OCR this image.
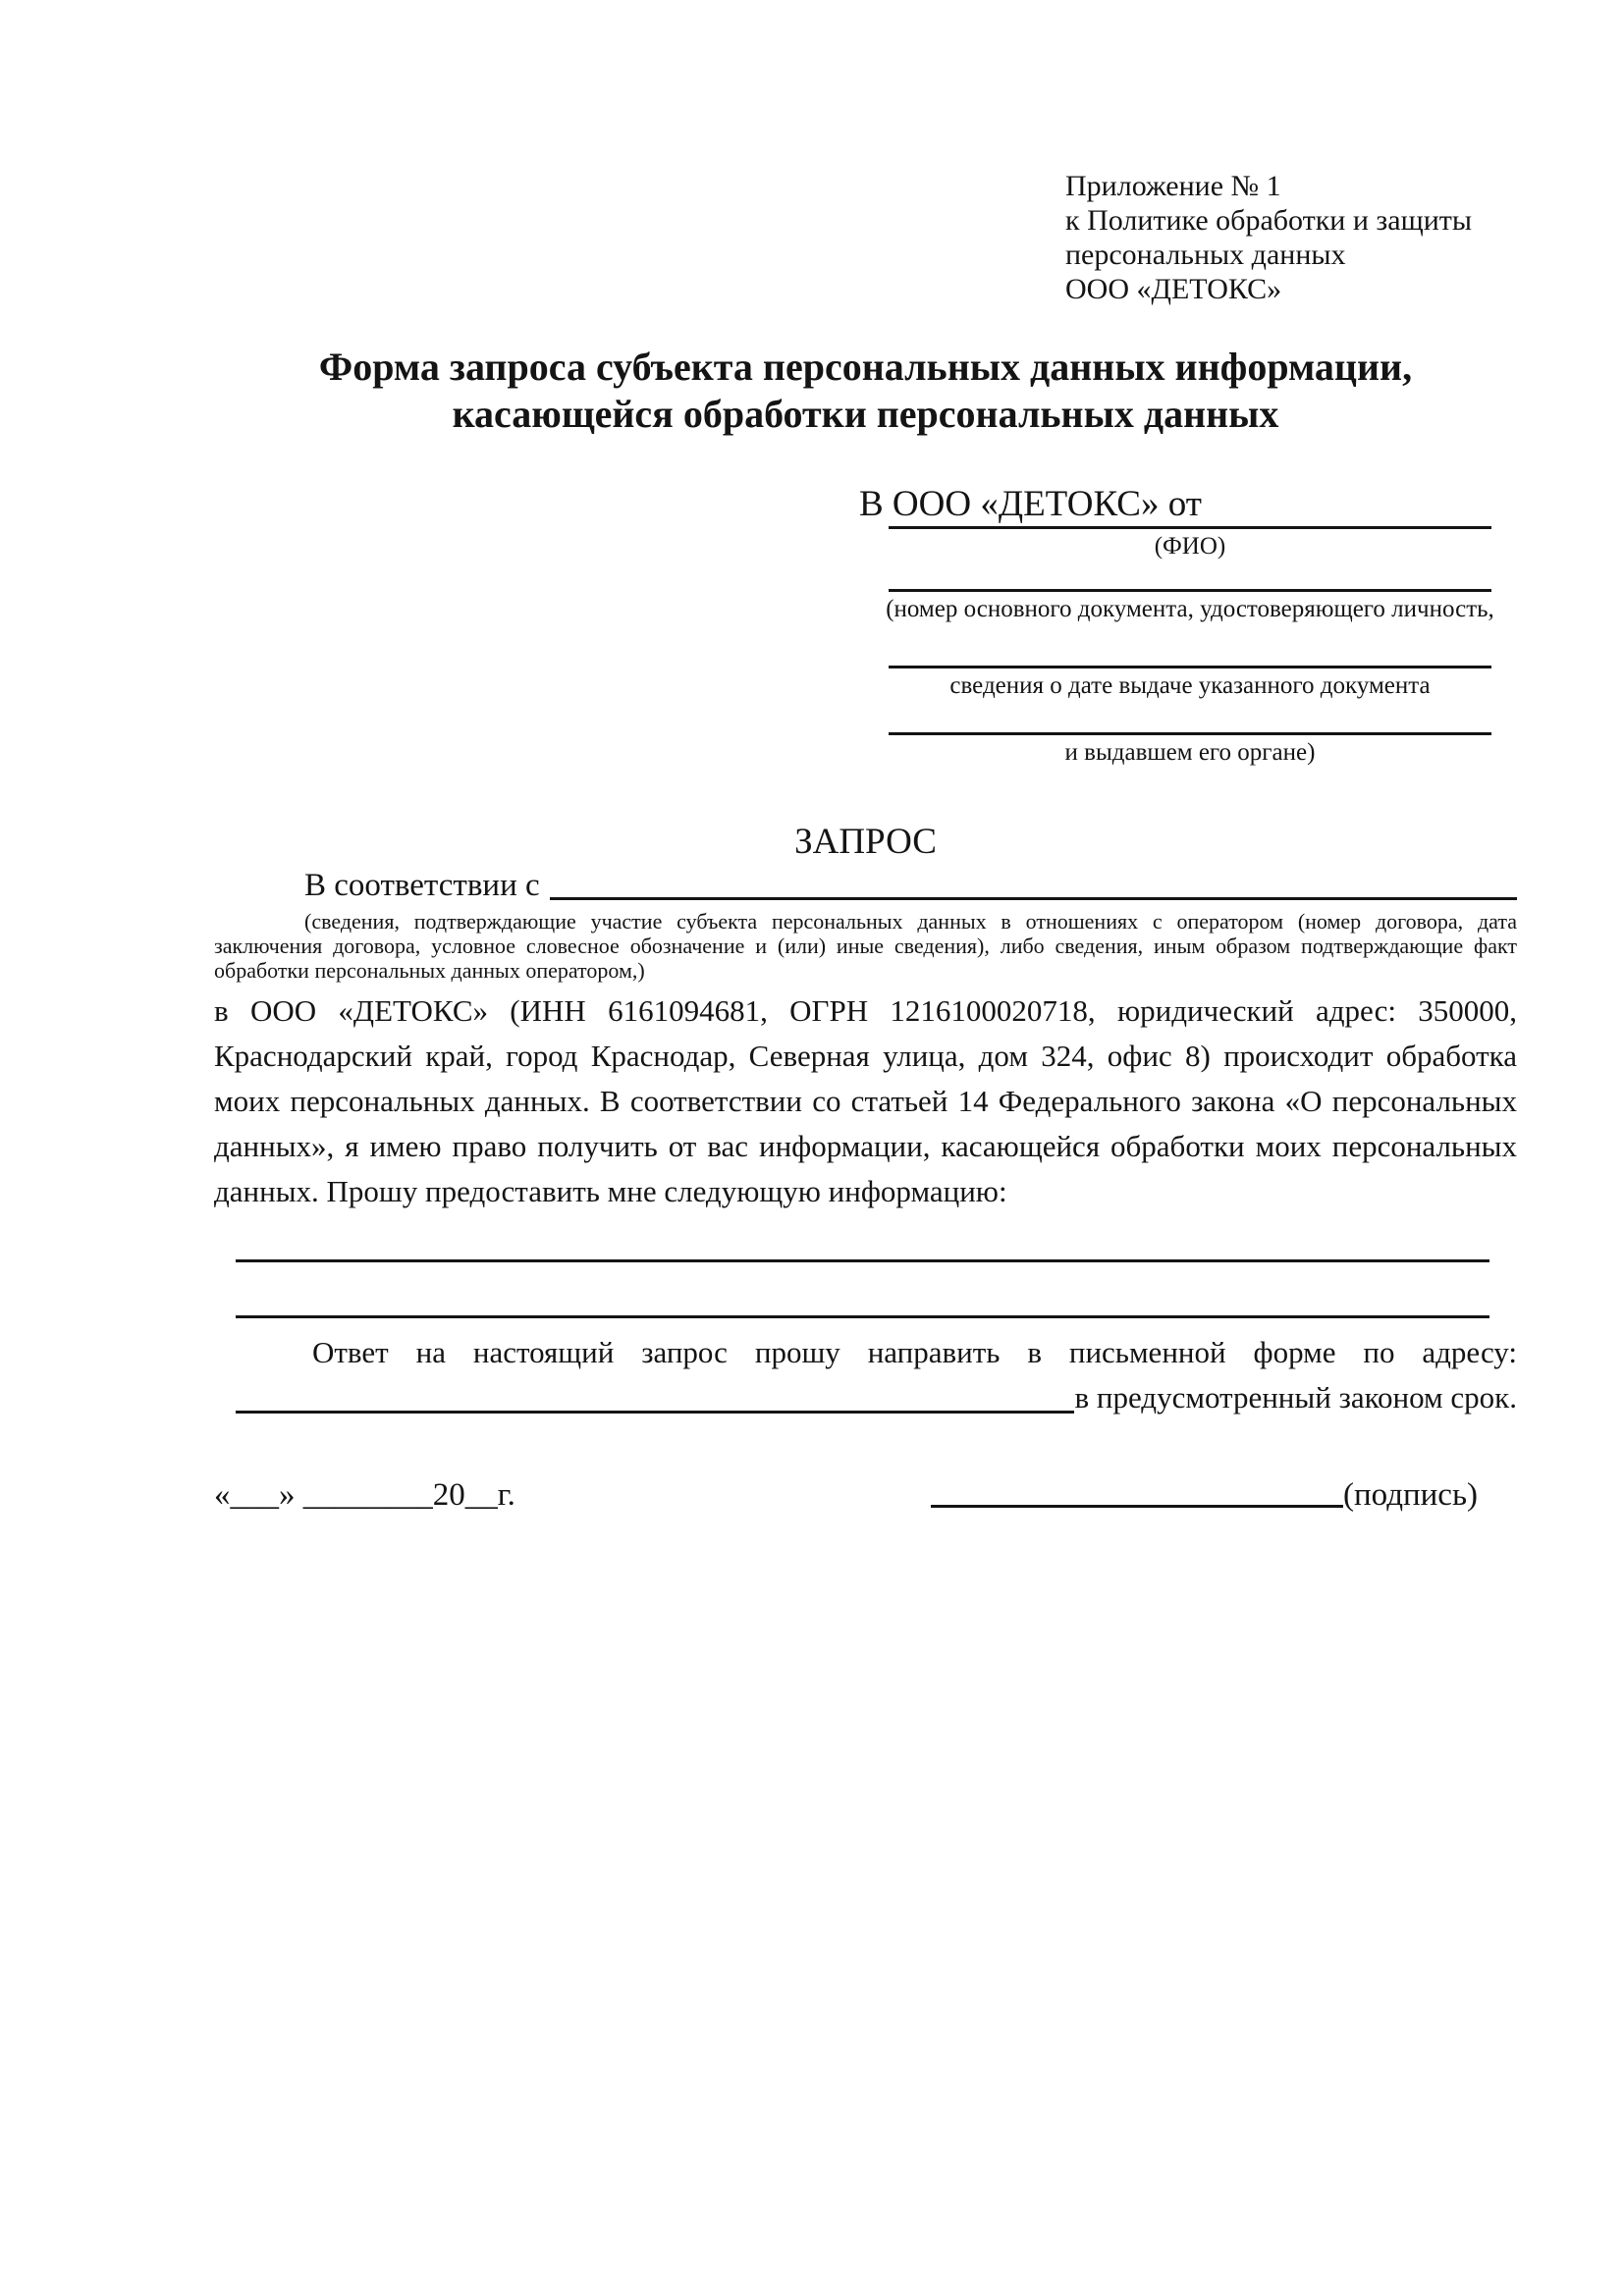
Приложение № 1
к Политике обработки и защиты
персональных данных
ООО «ДЕТОКС»
Форма запроса субъекта персональных данных информации,
касающейся обработки персональных данных
В ООО «ДЕТОКС» от
(ФИО)
(номер основного документа, удостоверяющего личность,
сведения о дате выдаче указанного документа
и выдавшем его органе)
ЗАПРОС
В соответствии с
(сведения, подтверждающие участие субъекта персональных данных в отношениях с оператором (номер договора, дата заключения договора, условное словесное обозначение и (или) иные сведения), либо сведения, иным образом подтверждающие факт обработки персональных данных оператором,)
в ООО «ДЕТОКС» (ИНН 6161094681, ОГРН 1216100020718, юридический адрес: 350000, Краснодарский край, город Краснодар, Северная улица, дом 324, офис 8) происходит обработка моих персональных данных. В соответствии со статьей 14 Федерального закона «О персональных данных», я имею право получить от вас информации, касающейся обработки моих персональных данных. Прошу предоставить мне следующую информацию:
Ответ на настоящий запрос прошу направить в письменной форме по адресу:
в предусмотренный законом срок.
«___» ________20__г.	(подпись)
